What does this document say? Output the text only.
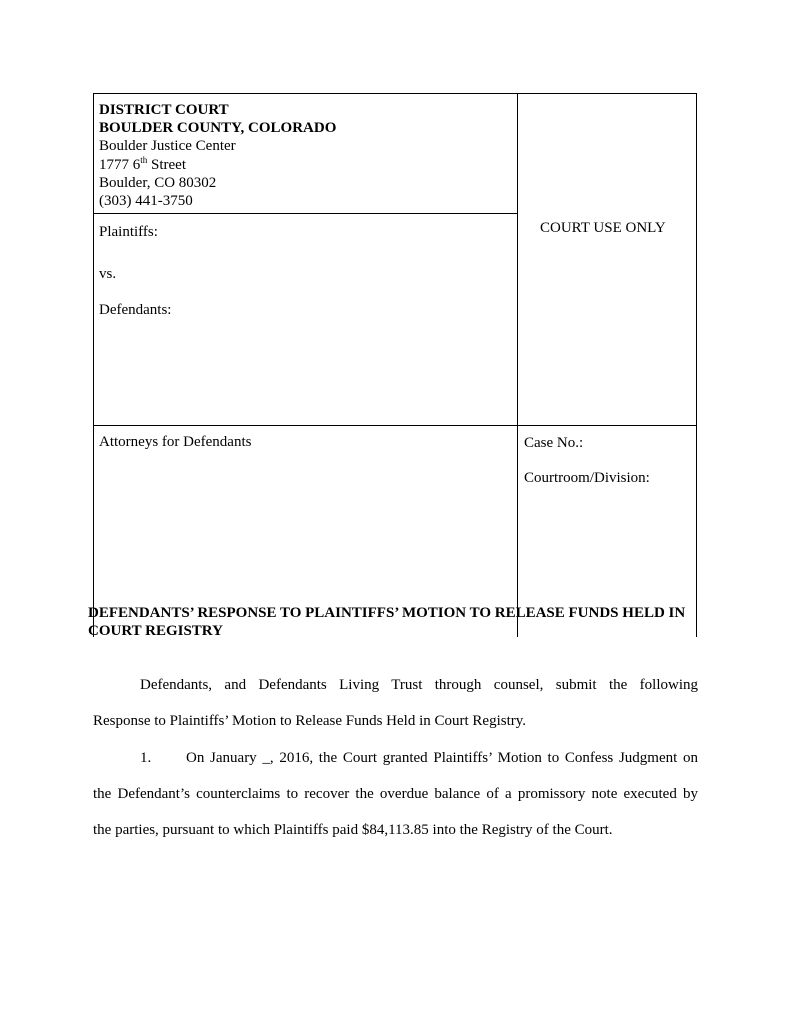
DISTRICT COURT
BOULDER COUNTY, COLORADO
Boulder Justice Center
1777 6th Street
Boulder, CO 80302
(303) 441-3750
COURT USE ONLY
Plaintiffs:
vs.
Defendants:
Attorneys for Defendants	Case No.:
Courtroom/Division:
DEFENDANTS’ RESPONSE TO PLAINTIFFS’ MOTION TO RELEASE FUNDS HELD IN
COURT REGISTRY
Defendants, and Defendants Living Trust through counsel, submit the following
Response to Plaintiffs’ Motion to Release Funds Held in Court Registry.
1.	On January _, 2016, the Court granted Plaintiffs’ Motion to Confess Judgment on
the Defendant’s counterclaims to recover the overdue balance of a promissory note executed by
the parties, pursuant to which Plaintiffs paid $84,113.85 into the Registry of the Court.
